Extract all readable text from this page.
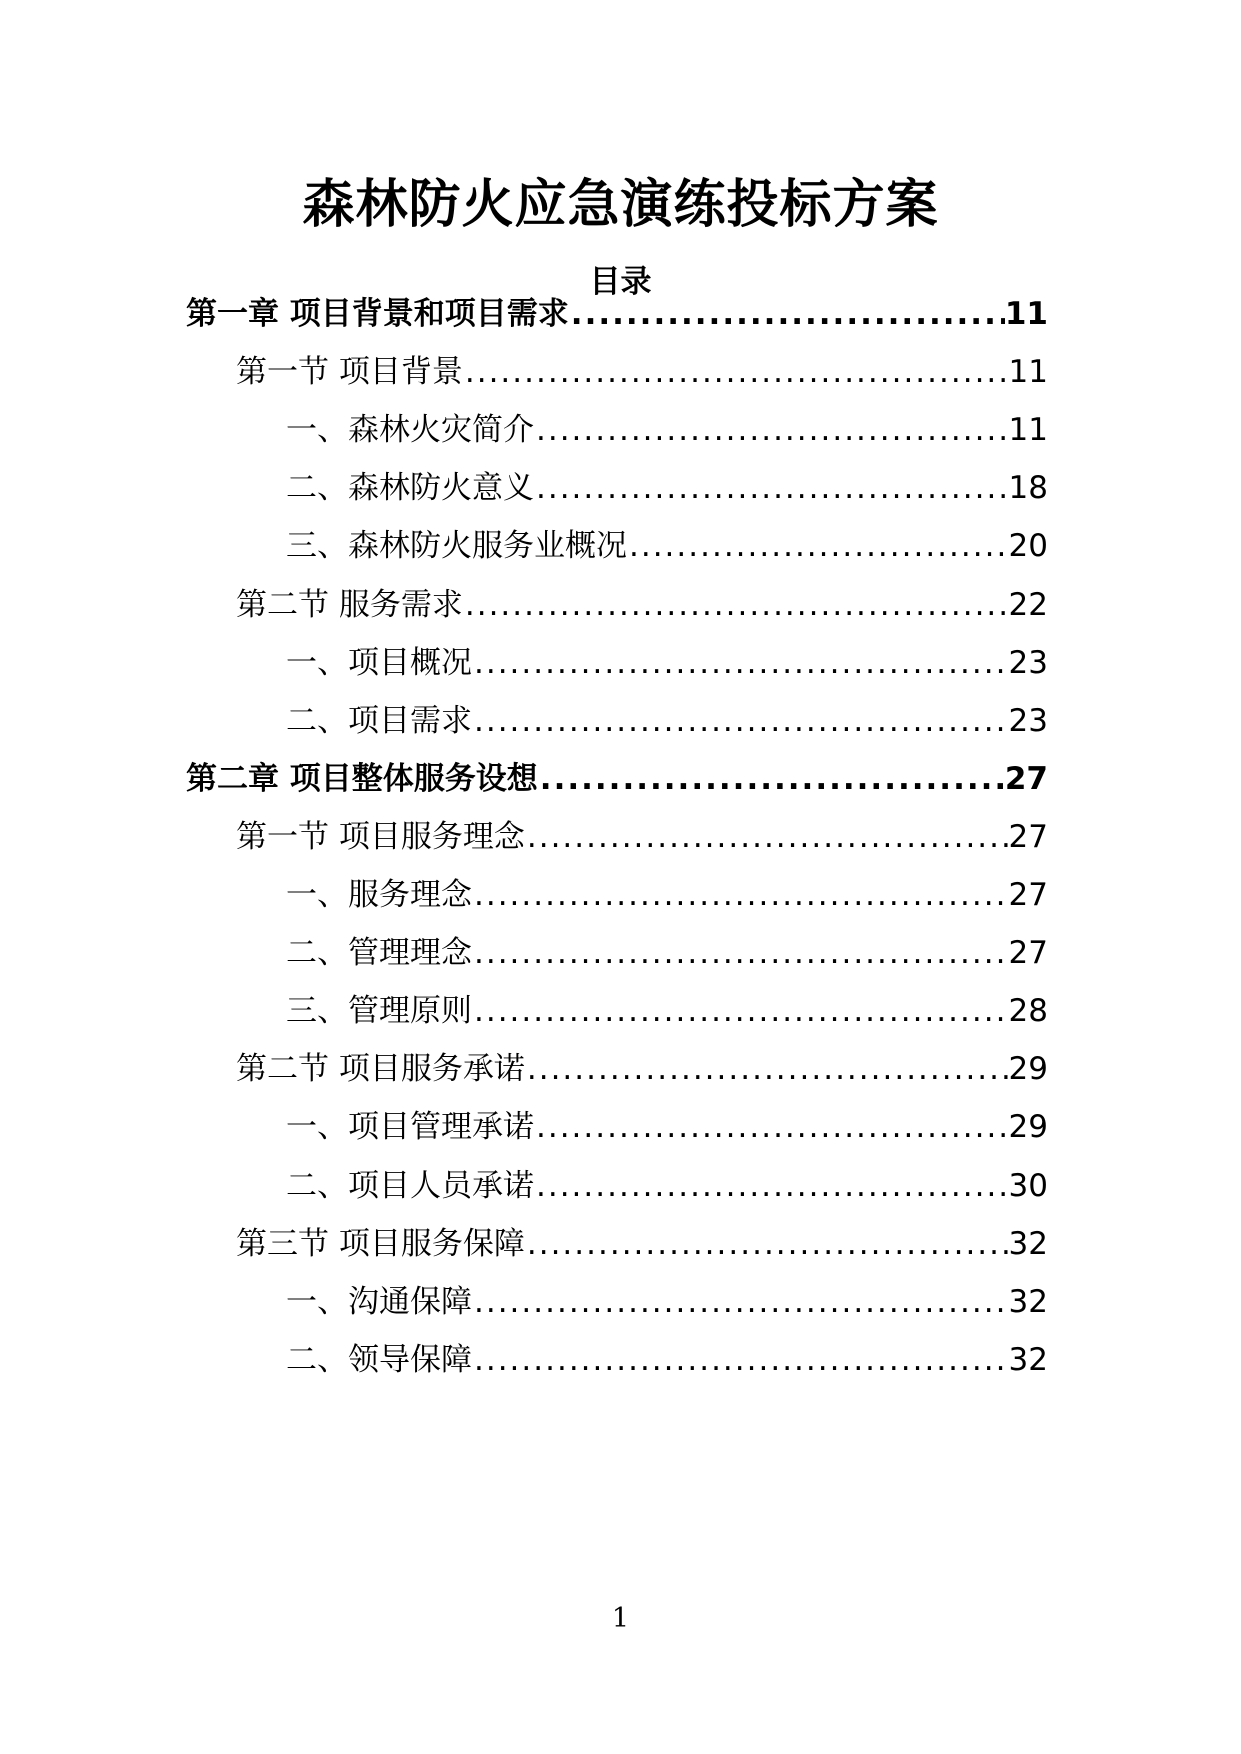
森林防火应急演练投标方案
目录
第一章 项目背景和项目需求 .....	11
第一节 项目背景 .....	11
一、森林火灾简介 .....	11
二、森林防火意义 .....	18
三、森林防火服务业概况 .....	20
第二节 服务需求 .....	22
一、项目概况 .....	23
二、项目需求 .....	23
第二章 项目整体服务设想 .....	27
第一节 项目服务理念 .....	27
一、服务理念 .....	27
二、管理理念 .....	27
三、管理原则 .....	28
第二节 项目服务承诺 .....	29
一、项目管理承诺 .....	29
二、项目人员承诺 .....	30
第三节 项目服务保障 .....	32
一、沟通保障 .....	32
二、领导保障 .....	32
1
